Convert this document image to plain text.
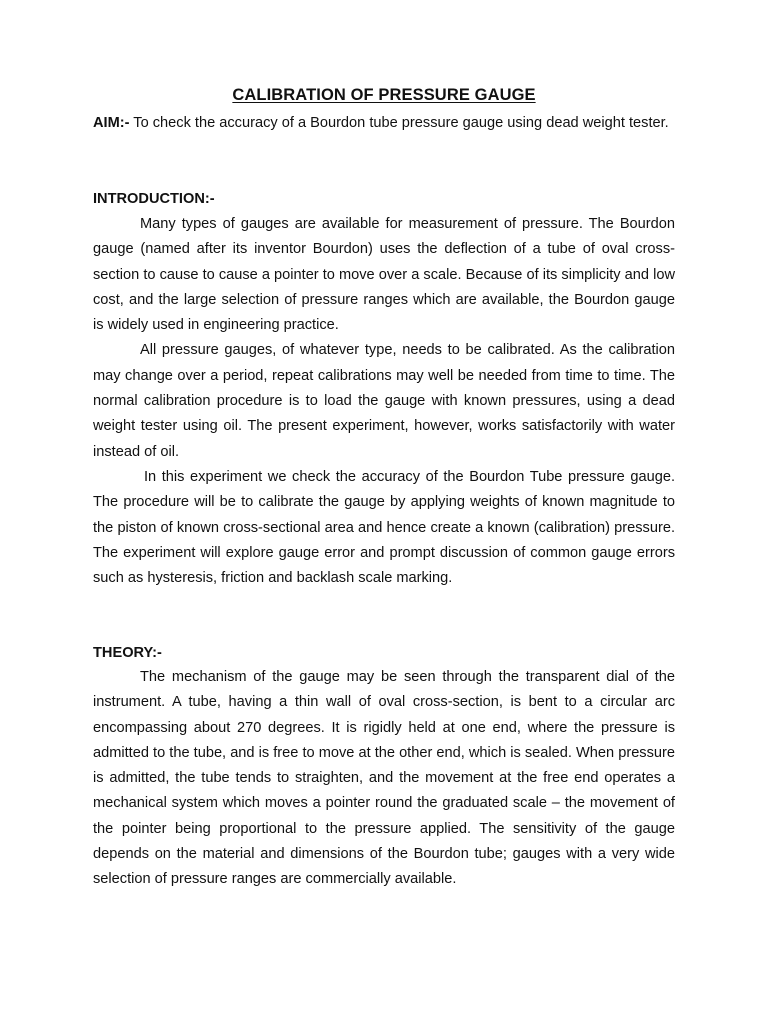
CALIBRATION OF PRESSURE GAUGE
AIM:- To check the accuracy of a Bourdon tube pressure gauge using dead weight tester.
INTRODUCTION:-

Many types of gauges are available for measurement of pressure. The Bourdon gauge (named after its inventor Bourdon) uses the deflection of a tube of oval cross-section to cause to cause a pointer to move over a scale. Because of its simplicity and low cost, and the large selection of pressure ranges which are available, the Bourdon gauge is widely used in engineering practice.

All pressure gauges, of whatever type, needs to be calibrated. As the calibration may change over a period, repeat calibrations may well be needed from time to time. The normal calibration procedure is to load the gauge with known pressures, using a dead weight tester using oil. The present experiment, however, works satisfactorily with water instead of oil.

In this experiment we check the accuracy of the Bourdon Tube pressure gauge. The procedure will be to calibrate the gauge by applying weights of known magnitude to the piston of known cross-sectional area and hence create a known (calibration) pressure. The experiment will explore gauge error and prompt discussion of common gauge errors such as hysteresis, friction and backlash scale marking.

THEORY:-

The mechanism of the gauge may be seen through the transparent dial of the instrument. A tube, having a thin wall of oval cross-section, is bent to a circular arc encompassing about 270 degrees. It is rigidly held at one end, where the pressure is admitted to the tube, and is free to move at the other end, which is sealed. When pressure is admitted, the tube tends to straighten, and the movement at the free end operates a mechanical system which moves a pointer round the graduated scale – the movement of the pointer being proportional to the pressure applied. The sensitivity of the gauge depends on the material and dimensions of the Bourdon tube; gauges with a very wide selection of pressure ranges are commercially available.
